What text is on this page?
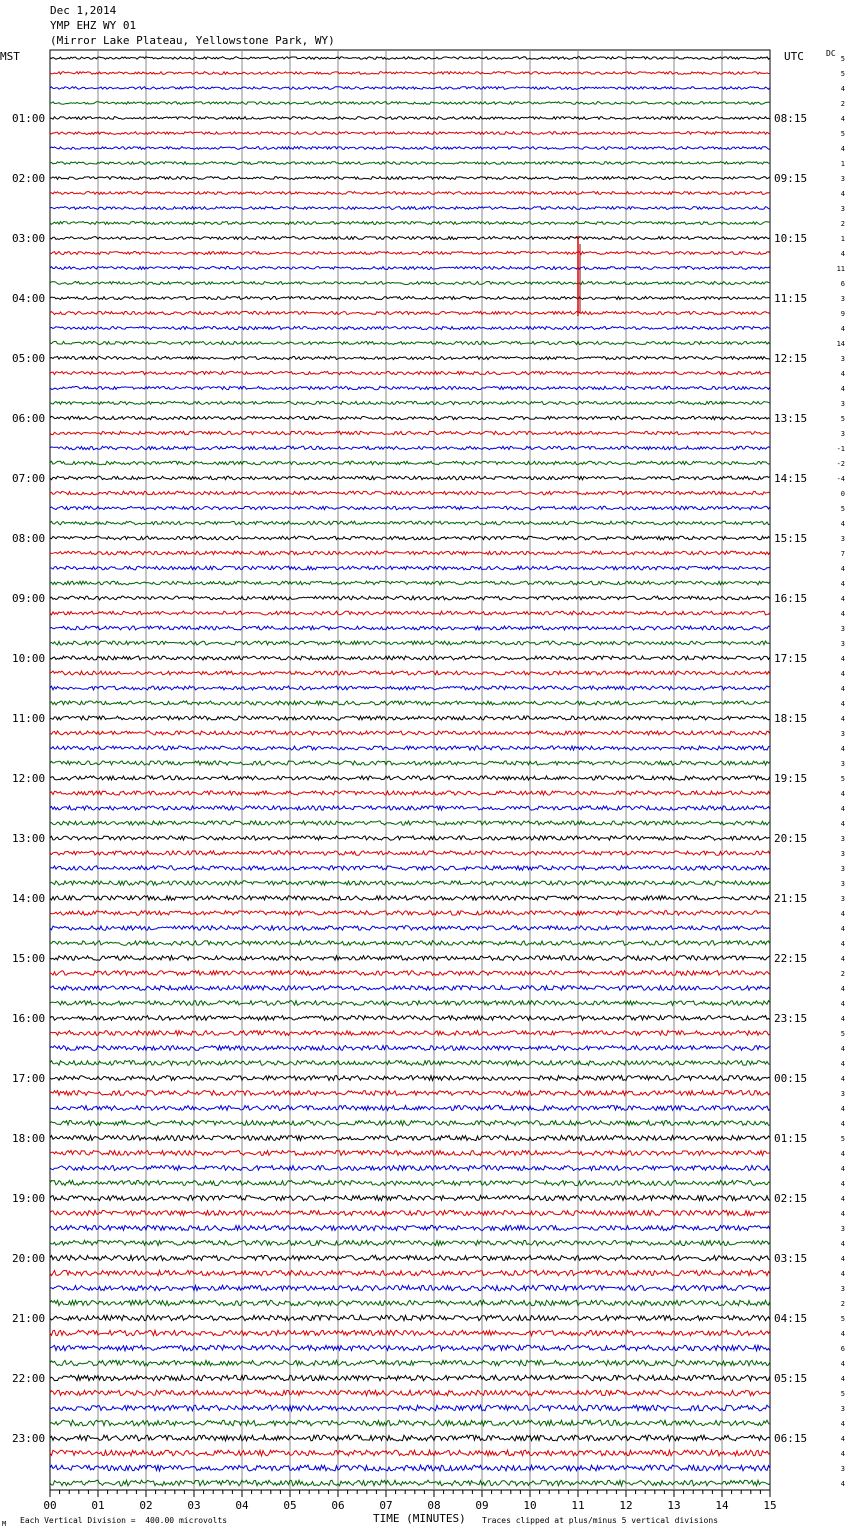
Dec 1,2014
YMP EHZ WY 01
(Mirror Lake Plateau, Yellowstone Park, WY)
MST	UTC	DC
01:00
02:00
03:00
04:00
05:00
06:00
07:00
08:00
09:00
10:00
11:00
12:00
13:00
14:00
15:00
16:00
17:00
18:00
19:00
20:00
21:00
22:00
23:00
08:15
09:15
10:15
11:15
12:15
13:15
14:15
15:15
16:15
17:15
18:15
19:15
20:15
21:15
22:15
23:15
00:15
01:15
02:15
03:15
04:15
05:15
06:15
5
5
4
2
4
5
4
1
3
4
3
2
1
4
11
6
3
9
4
14
3
4
4
3
5
3
-1
-2
-4
0
5
4
3
7
4
4
4
4
3
3
4
4
4
4
4
3
4
3
5
4
4
4
3
3
3
3
3
4
4
4
4
2
4
4
4
5
4
4
4
3
4
4
5
4
4
4
4
4
3
4
4
4
3
2
5
4
6
4
4
5
3
4
4
4
3
4
00	01	02	03	04	05	06	07	08	09	10	11	12	13	14	15
Each Vertical Division =  400.00 microvolts	TIME (MINUTES) Traces clipped at plus/minus 5 vertical divisions
M
